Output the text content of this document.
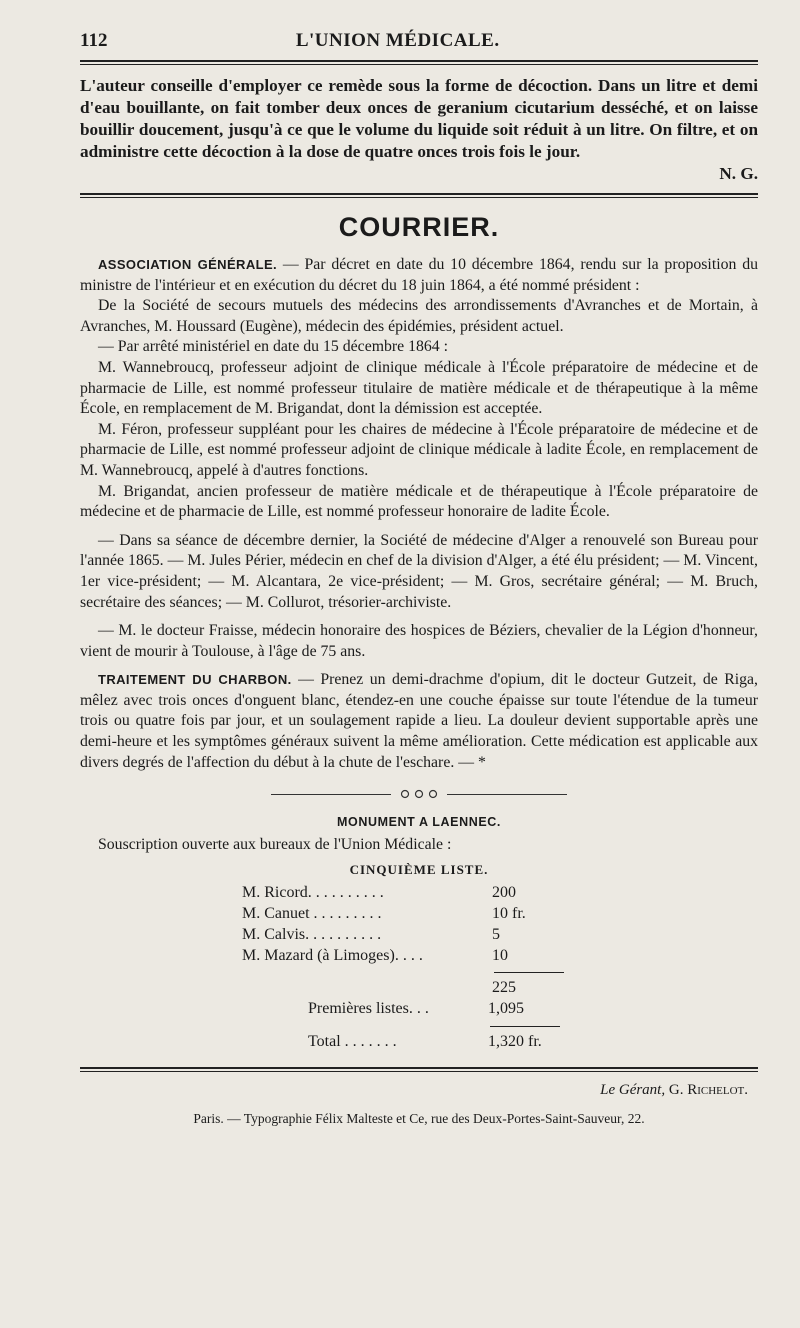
112	L'UNION MÉDICALE.

L'auteur conseille d'employer ce remède sous la forme de décoction. Dans un litre et demi d'eau bouillante, on fait tomber deux onces de geranium cicutarium desséché, et on laisse bouillir doucement, jusqu'à ce que le volume du liquide soit réduit à un litre. On filtre, et on administre cette décoction à la dose de quatre onces trois fois le jour.

N. G.

COURRIER.

ASSOCIATION GÉNÉRALE. — Par décret en date du 10 décembre 1864, rendu sur la proposition du ministre de l'intérieur et en exécution du décret du 18 juin 1864, a été nommé président :

De la Société de secours mutuels des médecins des arrondissements d'Avranches et de Mortain, à Avranches, M. Houssard (Eugène), médecin des épidémies, président actuel.

— Par arrêté ministériel en date du 15 décembre 1864 :

M. Wannebroucq, professeur adjoint de clinique médicale à l'École préparatoire de médecine et de pharmacie de Lille, est nommé professeur titulaire de matière médicale et de thérapeutique à la même École, en remplacement de M. Brigandat, dont la démission est acceptée.

M. Féron, professeur suppléant pour les chaires de médecine à l'École préparatoire de médecine et de pharmacie de Lille, est nommé professeur adjoint de clinique médicale à ladite École, en remplacement de M. Wannebroucq, appelé à d'autres fonctions.

M. Brigandat, ancien professeur de matière médicale et de thérapeutique à l'École préparatoire de médecine et de pharmacie de Lille, est nommé professeur honoraire de ladite École.

— Dans sa séance de décembre dernier, la Société de médecine d'Alger a renouvelé son Bureau pour l'année 1865. — M. Jules Périer, médecin en chef de la division d'Alger, a été élu président; — M. Vincent, 1er vice-président; — M. Alcantara, 2e vice-président; — M. Gros, secrétaire général; — M. Bruch, secrétaire des séances; — M. Collurot, trésorier-archiviste.

— M. le docteur Fraisse, médecin honoraire des hospices de Béziers, chevalier de la Légion d'honneur, vient de mourir à Toulouse, à l'âge de 75 ans.

TRAITEMENT DU CHARBON. — Prenez un demi-drachme d'opium, dit le docteur Gutzeit, de Riga, mêlez avec trois onces d'onguent blanc, étendez-en une couche épaisse sur toute l'étendue de la tumeur trois ou quatre fois par jour, et un soulagement rapide a lieu. La douleur devient supportable après une demi-heure et les symptômes généraux suivent la même amélioration. Cette médication est applicable aux divers degrés de l'affection du début à la chute de l'eschare. — *

MONUMENT A LAENNEC.

Souscription ouverte aux bureaux de l'Union Médicale :

CINQUIÈME LISTE.
M. Ricord. . . . . . . . . .	200
M. Canuet . . . . . . . . .	10 fr.
M. Calvis. . . . . . . . . .	5
M. Mazard (à Limoges). . . .	10
225
Premières listes. . .	1,095
Total . . . . . . .	1,320 fr.
Le Gérant, G. Richelot.
Paris. — Typographie Félix Malteste et Ce, rue des Deux-Portes-Saint-Sauveur, 22.
